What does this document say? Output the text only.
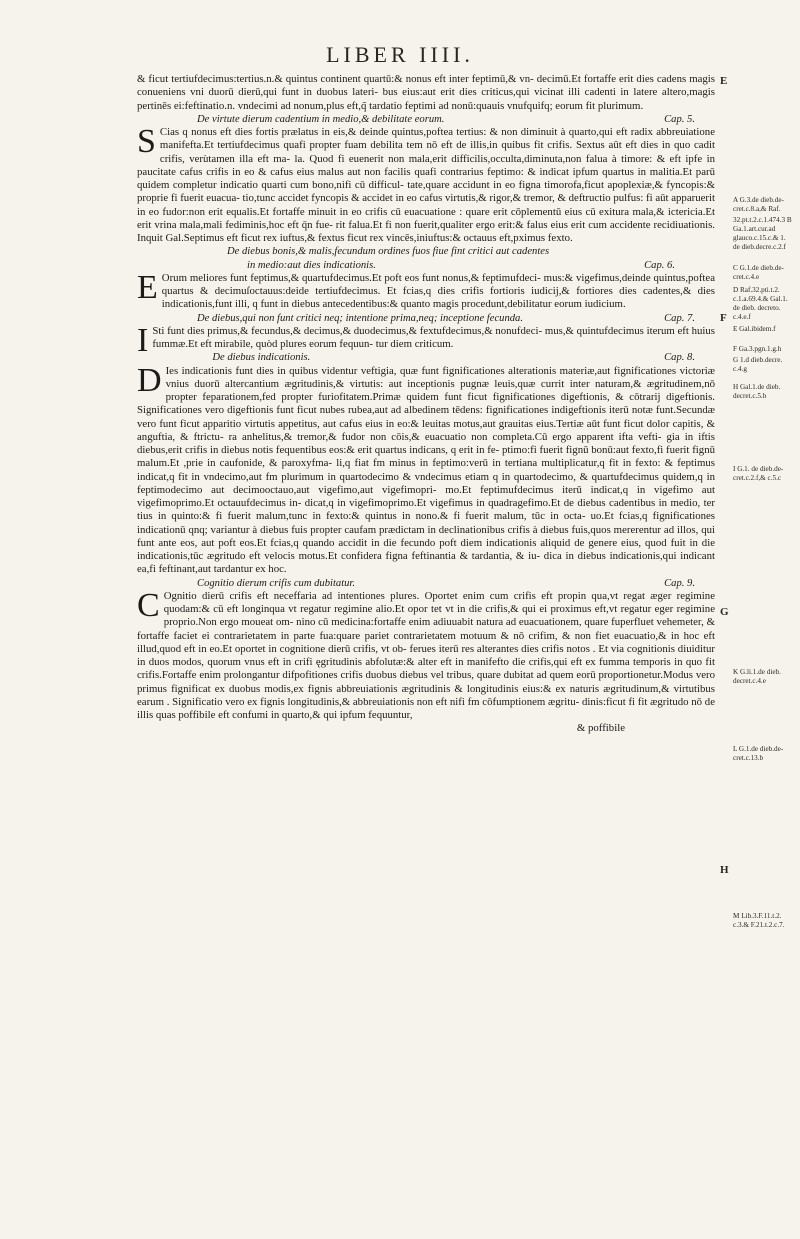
LIBER IIII.

& ficut tertiufdecimus:tertius.n.& quintus continent quartū:& nonus eft inter feptimū,& vn- decimū.Et fortaffe erit dies cadens magis conueniens vni duorū dierū,qui funt in duobus lateri- bus eius:aut erit dies criticus,qui vicinat illi cadenti in latere altero,magis pertinēs ei:feftinatio.n. vndecimi ad nonum,plus eft,q̃ tardatio feptimi ad nonū:quauis vnufquifq; eorum fit plurimum.

De virtute dierum cadentium in medio,& debilitate eorum.	Cap. 5.

S Cias q nonus eft dies fortis prælatus in eis,& deinde quintus,poftea tertius: & non diminuit à quarto,qui eft radix abbreuiatione manifefta.Et tertiufdecimus quafi propter fuam debilita tem nō eft de illis,in quibus fit crifis. Sextus aūt eft dies in quo cadit crifis, verùtamen illa eft ma- la. Quod fi euenerit non mala,erit difficilis,occulta,diminuta,non falua à timore: & eft ipfe in paucitate cafus crifis in eo & cafus eius malus aut non facilis quafi contrarius feptimo: & indicat ipfum quartus in malitia.Et parū quidem completur indicatio quarti cum bono,nifi cū difficul- tate,quare accidunt in eo figna timorofa,ficut apoplexiæ,& fyncopis:& proprie fi fuerit euacua- tio,tunc accidet fyncopis & accidet in eo cafus virtutis,& rigor,& tremor, & deftructio pulfus: fi aūt apparuerit in eo fudor:non erit equalis.Et fortaffe minuit in eo crifis cū euacuatione : quare erit cōplementū eius cū exitura mala,& ictericia.Et erit vrina mala,mali fediminis,hoc eft q̄n fue- rit falua.Et fi non fuerit,qualiter ergo erit:& falus eius erit cum accidente recidiuationis. Inquit Gal.Septimus eft ficut rex iuftus,& fextus ficut rex vincēs,iniuftus:& octauus eft,pximus fexto.

De diebus bonis,& malis,fecundum ordines fuos fiue fint critici aut cadentes
in medio:aut dies indicationis.	Cap. 6.

E Orum meliores funt feptimus,& quartufdecimus.Et poft eos funt nonus,& feptimufdeci- mus:& vigefimus,deinde quintus,poftea quartus & decimuſoctauus:deide tertiufdecimus. Et fcias,q dies crifis fortioris iudicij,& fortiores dies cadentes,& dies indicationis,funt illi, q funt in diebus antecedentibus:& quanto magis procedunt,debilitatur eorum iudicium.

De diebus,qui non funt critici neq; intentione prima,neq; inceptione fecunda.	Cap. 7.

I Sti funt dies primus,& fecundus,& decimus,& duodecimus,& fextufdecimus,& nonufdeci- mus,& quintufdecimus iterum eft huius fummæ.Et eft mirabile, quòd plures eorum fequun- tur diem criticum.

De diebus indicationis.	Cap. 8.

D Ies indicationis funt dies in quibus videntur veftigia, quæ funt fignificationes alterationis materiæ,aut fignificationes victoriæ vnius duorū altercantium ægritudinis,& virtutis: aut inceptionis pugnæ leuis,quæ currit inter naturam,& ægritudinem,nō propter feparationem,fed propter furiofitatem.Primæ quidem funt ficut fignificationes digeftionis, & cōtrarij digeftionis. Significationes vero digeftionis funt ficut nubes rubea,aut ad albedinem tēdens: fignificationes indigeftionis iterū notæ funt.Secundæ vero funt ficut apparitio virtutis appetitus, aut cafus eius in eo:& leuitas motus,aut grauitas eius.Tertiæ aūt funt ficut dolor capitis, & anguftia, & ftrictu- ra anhelitus,& tremor,& fudor non cōis,& euacuatio non completa.Cū ergo apparent ifta vefti- gia in iftis diebus,erit crifis in diebus notis fequentibus eos:& erit quartus indicans, q erit in fe- ptimo:fi fuerit fignū bonū:aut fexto,fi fuerit fignū malum.Et ,prie in caufonide, & paroxyfma- li,q fiat fm minus in feptimo:verū in tertiana multiplicatur,q fit in fexto: & feptimus indicat,q fit in vndecimo,aut fm plurimum in quartodecimo & vndecimus etiam q in quartodecimo, & quartufdecimus quidem,q in feptimodecimo aut decimooctauo,aut vigefimo,aut vigefimopri- mo.Et feptimufdecimus iterū indicat,q in vigefimo aut vigefimoprimo.Et octauufdecimus in- dicat,q in vigefimoprimo.Et vigefimus in quadragefimo.Et de diebus cadentibus in medio, ter tius in quinto:& fi fuerit malum,tunc in fexto:& quintus in nono.& fi fuerit malum, tūc in octa- uo.Et fcias,q fignificationes indicationū qnq; variantur à diebus fuis propter caufam prædictam in declinationibus crifis à diebus fuis,quos mererentur ad illos, qui funt ante eos, aut poft eos.Et fcias,q quando accidit in die fecundo poft diem indicationis aliquid de genere eius, quod fuit in die indicationis,tūc ægritudo eft velocis motus.Et confidera figna feftinantia & tardantia, & iu- dica in diebus indicationis,qui indicant ea,fi feftinant,aut tardantur ex hoc.

Cognitio dierum crifis cum dubitatur.	Cap. 9.

C Ognitio dierū crifis eft neceffaria ad intentiones plures. Oportet enim cum crifis eft propin qua,vt regat æger regimine quodam:& cū eft longinqua vt regatur regimine alio.Et opor tet vt in die crifis,& qui ei proximus eft,vt regatur eger regimine proprio.Non ergo moueat om- nino cū medicina:fortaffe enim adiuuabit natura ad euacuationem, quare fuperfluet vehemeter, & fortaffe faciet ei contrarietatem in parte fua:quare pariet contrarietatem motuum & nō crifim, & non fiet euacuatio,& in hoc eft illud,quod eft in eo.Et oportet in cognitione dierū crifis, vt ob- ferues iterū res alterantes dies crifis notos . Et via cognitionis diuiditur in duos modos, quorum vnus eft in crifi ęgritudinis abfolutæ:& alter eft in manifefto die crifis,qui eft ex fumma temporis in quo fit crifis.Fortaffe enim prolongantur difpofitiones crifis duobus diebus vel tribus, quare dubitat ad quem eorū proportionetur.Modus vero primus fignificat ex duobus modis,ex fignis abbreuiationis ægritudinis & longitudinis eius:& ex naturis ægritudinum,& virtutibus earum . Significatio vero ex fignis longitudinis,& abbreuiationis non eft nifi fm cōfumptionem ægritu- dinis:ficut fi fit ægritudo nō de illis quas poffibile eft confumi in quarto,& qui ipfum fequuntur,

& poffibile
E
F
G
H
A G.3.de dieb.de- cret.c.8.a,& Raf.
32.pt.t.2.c.1.474.3 B Ga.1.art.cur.ad glauco.c.15.c.& 1. de dieb.decre.c.2.f
C G.1.de dieb.de- cret.c.4.e
D Raf.32.pti.t.2. c.1.a.69.4.& Gal.1. de dieb. decreto. c.4.e.f
E Gal.ibidem.f
F Ga.3.pgn.1.g.h
G 1.d dieb.decre. c.4.g
H Gal.1.de dieb. decret.c.5.b
I G.1. de dieb.de- cret.c.2.f,& c.5.c
K G.li.1.de dieb. decret.c.4.e
L G.1.de dieb.de- cret.c.13.b
M Lib.3.F.11.t.2. c.3.& F.21.t.2.c.7.
